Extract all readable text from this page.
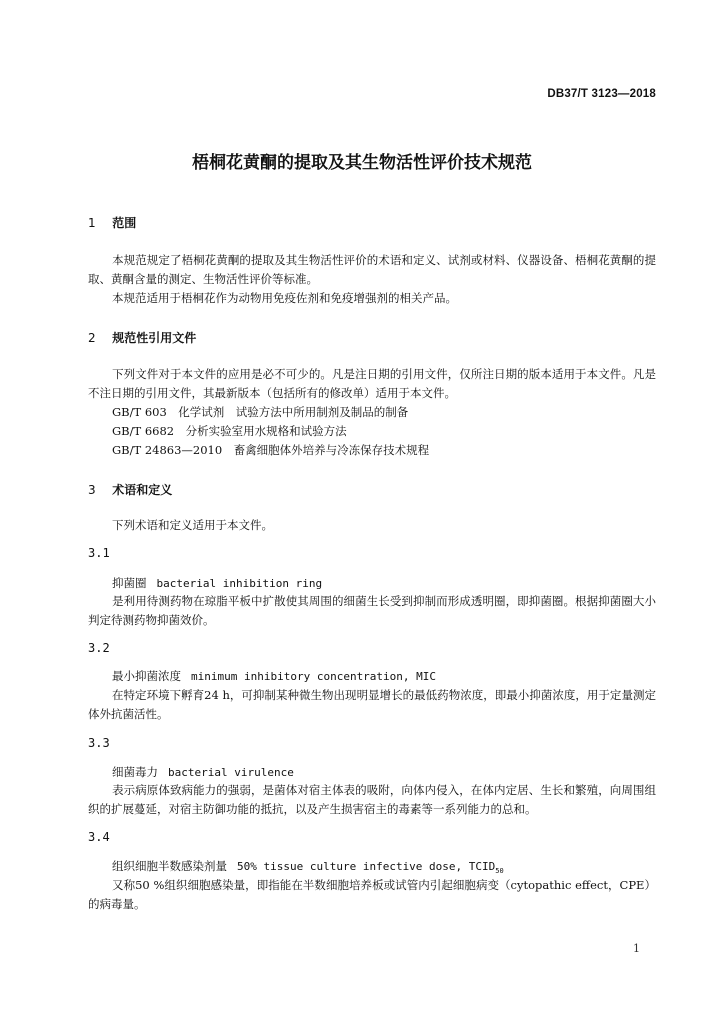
DB37/T 3123—2018
梧桐花黄酮的提取及其生物活性评价技术规范
1 范围

本规范规定了梧桐花黄酮的提取及其生物活性评价的术语和定义、试剂或材料、仪器设备、梧桐花黄酮的提取、黄酮含量的测定、生物活性评价等标准。

本规范适用于梧桐花作为动物用免疫佐剂和免疫增强剂的相关产品。

2 规范性引用文件

下列文件对于本文件的应用是必不可少的。凡是注日期的引用文件，仅所注日期的版本适用于本文件。凡是不注日期的引用文件，其最新版本（包括所有的修改单）适用于本文件。

GB/T 603　化学试剂　试验方法中所用制剂及制品的制备
GB/T 6682　分析实验室用水规格和试验方法
GB/T 24863—2010　畜禽细胞体外培养与冷冻保存技术规程
3 术语和定义

下列术语和定义适用于本文件。

3.1
抑菌圈 bacterial inhibition ring

是利用待测药物在琼脂平板中扩散使其周围的细菌生长受到抑制而形成透明圈，即抑菌圈。根据抑菌圈大小判定待测药物抑菌效价。

3.2
最小抑菌浓度 minimum inhibitory concentration, MIC

在特定环境下孵育24 h，可抑制某种微生物出现明显增长的最低药物浓度，即最小抑菌浓度，用于定量测定体外抗菌活性。

3.3
细菌毒力 bacterial virulence

表示病原体致病能力的强弱，是菌体对宿主体表的吸附，向体内侵入，在体内定居、生长和繁殖，向周围组织的扩展蔓延，对宿主防御功能的抵抗，以及产生损害宿主的毒素等一系列能力的总和。

3.4
组织细胞半数感染剂量 50% tissue culture infective dose, $TCID_{50}$

又称50 %组织细胞感染量，即指能在半数细胞培养板或试管内引起细胞病变（cytopathic effect，CPE）的病毒量。

1
